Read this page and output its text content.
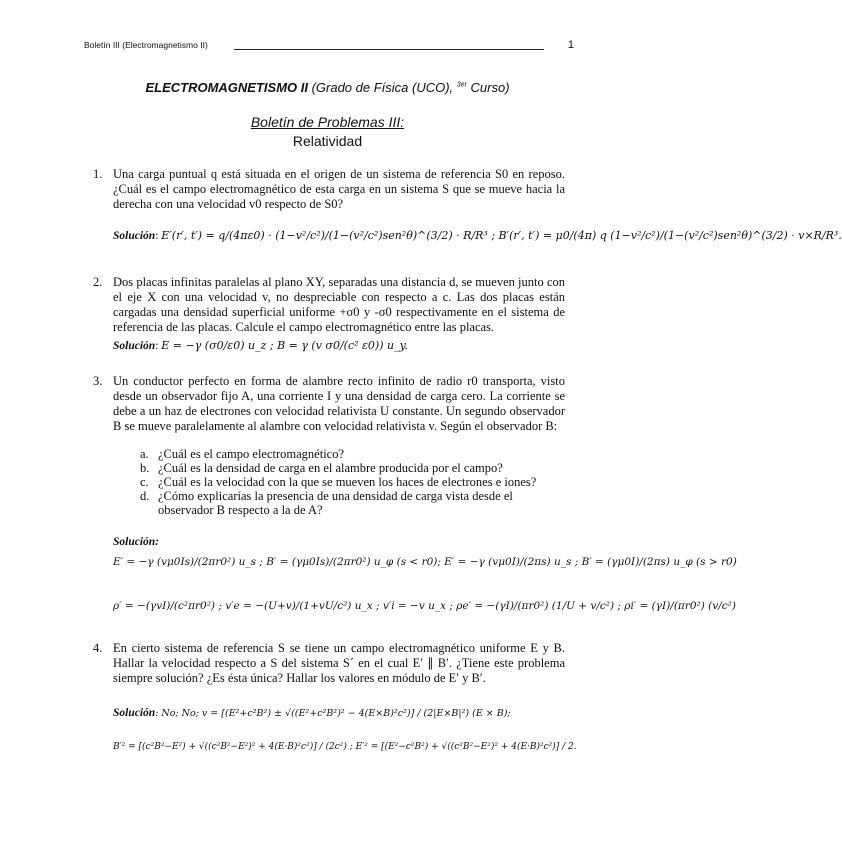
Boletín III (Electromagnetismo II)	1
ELECTROMAGNETISMO II (Grado de Física (UCO), $^{3er}$ Curso)
Boletín de Problemas III:
Relatividad
1. Una carga puntual q está situada en el origen de un sistema de referencia S0 en reposo. ¿Cuál es el campo electromagnético de esta carga en un sistema S que se mueve hacia la derecha con una velocidad v0 respecto de S0?
Solución: E′(r′, t′) = q/(4πε0) · (1−v²/c²)/(1−(v²/c²)sen²θ)^(3/2) · R/R³ ; B′(r′, t′) = μ0/(4π) q (1−v²/c²)/(1−(v²/c²)sen²θ)^(3/2) · v×R/R³.
2. Dos placas infinitas paralelas al plano XY, separadas una distancia d, se mueven junto con el eje X con una velocidad v, no despreciable con respecto a c. Las dos placas están cargadas una densidad superficial uniforme +σ0 y -σ0 respectivamente en el sistema de referencia de las placas. Calcule el campo electromagnético entre las placas.
Solución: E = −γ (σ0/ε0) u_z ; B = γ (v σ0/(c² ε0)) u_y.
3. Un conductor perfecto en forma de alambre recto infinito de radio r0 transporta, visto desde un observador fijo A, una corriente I y una densidad de carga cero. La corriente se debe a un haz de electrones con velocidad relativista U constante. Un segundo observador B se mueve paralelamente al alambre con velocidad relativista v. Según el observador B:
a. ¿Cuál es el campo electromagnético?
b. ¿Cuál es la densidad de carga en el alambre producida por el campo?
c. ¿Cuál es la velocidad con la que se mueven los haces de electrones e iones?
d. ¿Cómo explicarías la presencia de una densidad de carga vista desde el observador B respecto a la de A?
Solución:
E′ = −γ (vμ0Is)/(2πr0²) u_s ; B′ = (γμ0Is)/(2πr0²) u_φ (s < r0); E′ = −γ (vμ0I)/(2πs) u_s ; B′ = (γμ0I)/(2πs) u_φ (s > r0)
ρ′ = −(γvI)/(c²πr0²) ; v′e = −(U+v)/(1+vU/c²) u_x ; v′i = −v u_x ; ρe′ = −(γI)/(πr0²) (1/U + v/c²) ; ρi′ = (γI)/(πr0²) (v/c²)
4. En cierto sistema de referencia S se tiene un campo electromagnético uniforme E y B. Hallar la velocidad respecto a S del sistema S´ en el cual E′ ∥ B′. ¿Tiene este problema siempre solución? ¿Es ésta única? Hallar los valores en módulo de E′ y B′.
Solución: No; No; v = [(E²+c²B²) ± √((E²+c²B²)² − 4(E×B)²c²)] / (2|E×B|²) (E × B);
B′² = [(c²B²−E²) + √((c²B²−E²)² + 4(E·B)²c²)] / (2c²) ; E′² = [(E²−c²B²) + √((c²B²−E²)² + 4(E·B)²c²)] / 2.
